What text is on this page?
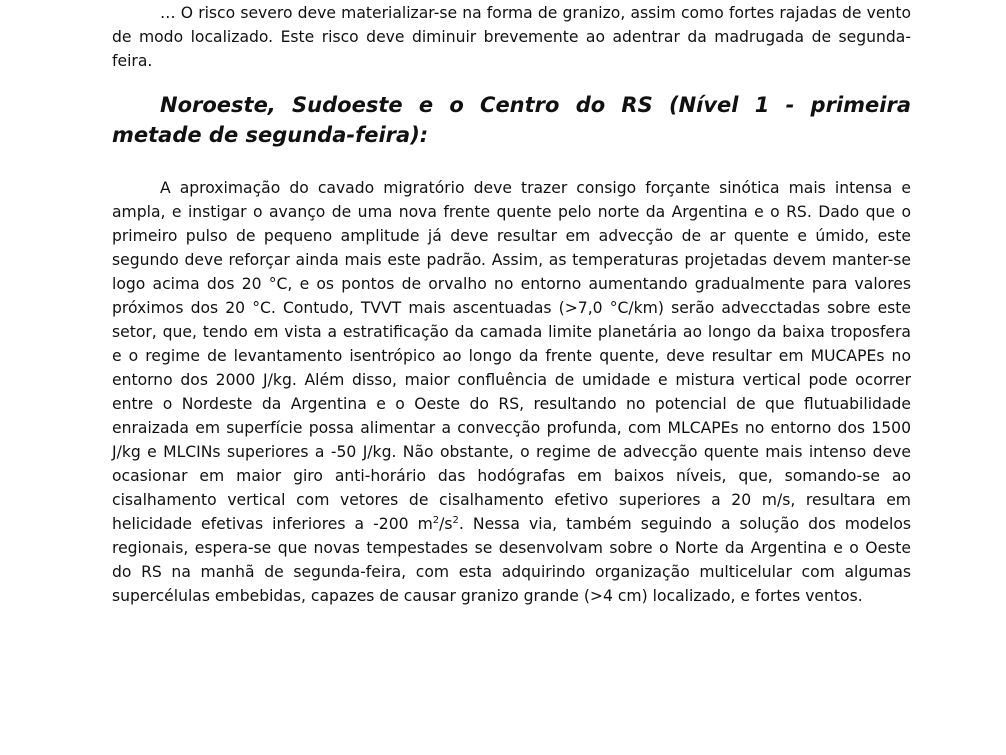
… O risco severo deve materializar-se na forma de granizo, assim como fortes rajadas de vento de modo localizado. Este risco deve diminuir brevemente ao adentrar da madrugada de segunda-feira.

Noroeste, Sudoeste e o Centro do RS (Nível 1 - primeira metade de segunda-feira):

A aproximação do cavado migratório deve trazer consigo forçante sinótica mais intensa e ampla, e instigar o avanço de uma nova frente quente pelo norte da Argentina e o RS. Dado que o primeiro pulso de pequeno amplitude já deve resultar em advecção de ar quente e úmido, este segundo deve reforçar ainda mais este padrão. Assim, as temperaturas projetadas devem manter-se logo acima dos 20 °C, e os pontos de orvalho no entorno aumentando gradualmente para valores próximos dos 20 °C. Contudo, TVVT mais ascentuadas (>7,0 °C/km) serão advecctadas sobre este setor, que, tendo em vista a estratificação da camada limite planetária ao longo da baixa troposfera e o regime de levantamento isentrópico ao longo da frente quente, deve resultar em MUCAPEs no entorno dos 2000 J/kg. Além disso, maior confluência de umidade e mistura vertical pode ocorrer entre o Nordeste da Argentina e o Oeste do RS, resultando no potencial de que flutuabilidade enraizada em superfície possa alimentar a convecção profunda, com MLCAPEs no entorno dos 1500 J/kg e MLCINs superiores a -50 J/kg. Não obstante, o regime de advecção quente mais intenso deve ocasionar em maior giro anti-horário das hodógrafas em baixos níveis, que, somando-se ao cisalhamento vertical com vetores de cisalhamento efetivo superiores a 20 m/s, resultara em helicidade efetivas inferiores a -200 $m^2/s^2$. Nessa via, também seguindo a solução dos modelos regionais, espera-se que novas tempestades se desenvolvam sobre o Norte da Argentina e o Oeste do RS na manhã de segunda-feira, com esta adquirindo organização multicelular com algumas supercélulas embebidas, capazes de causar granizo grande (>4 cm) localizado, e fortes ventos.
